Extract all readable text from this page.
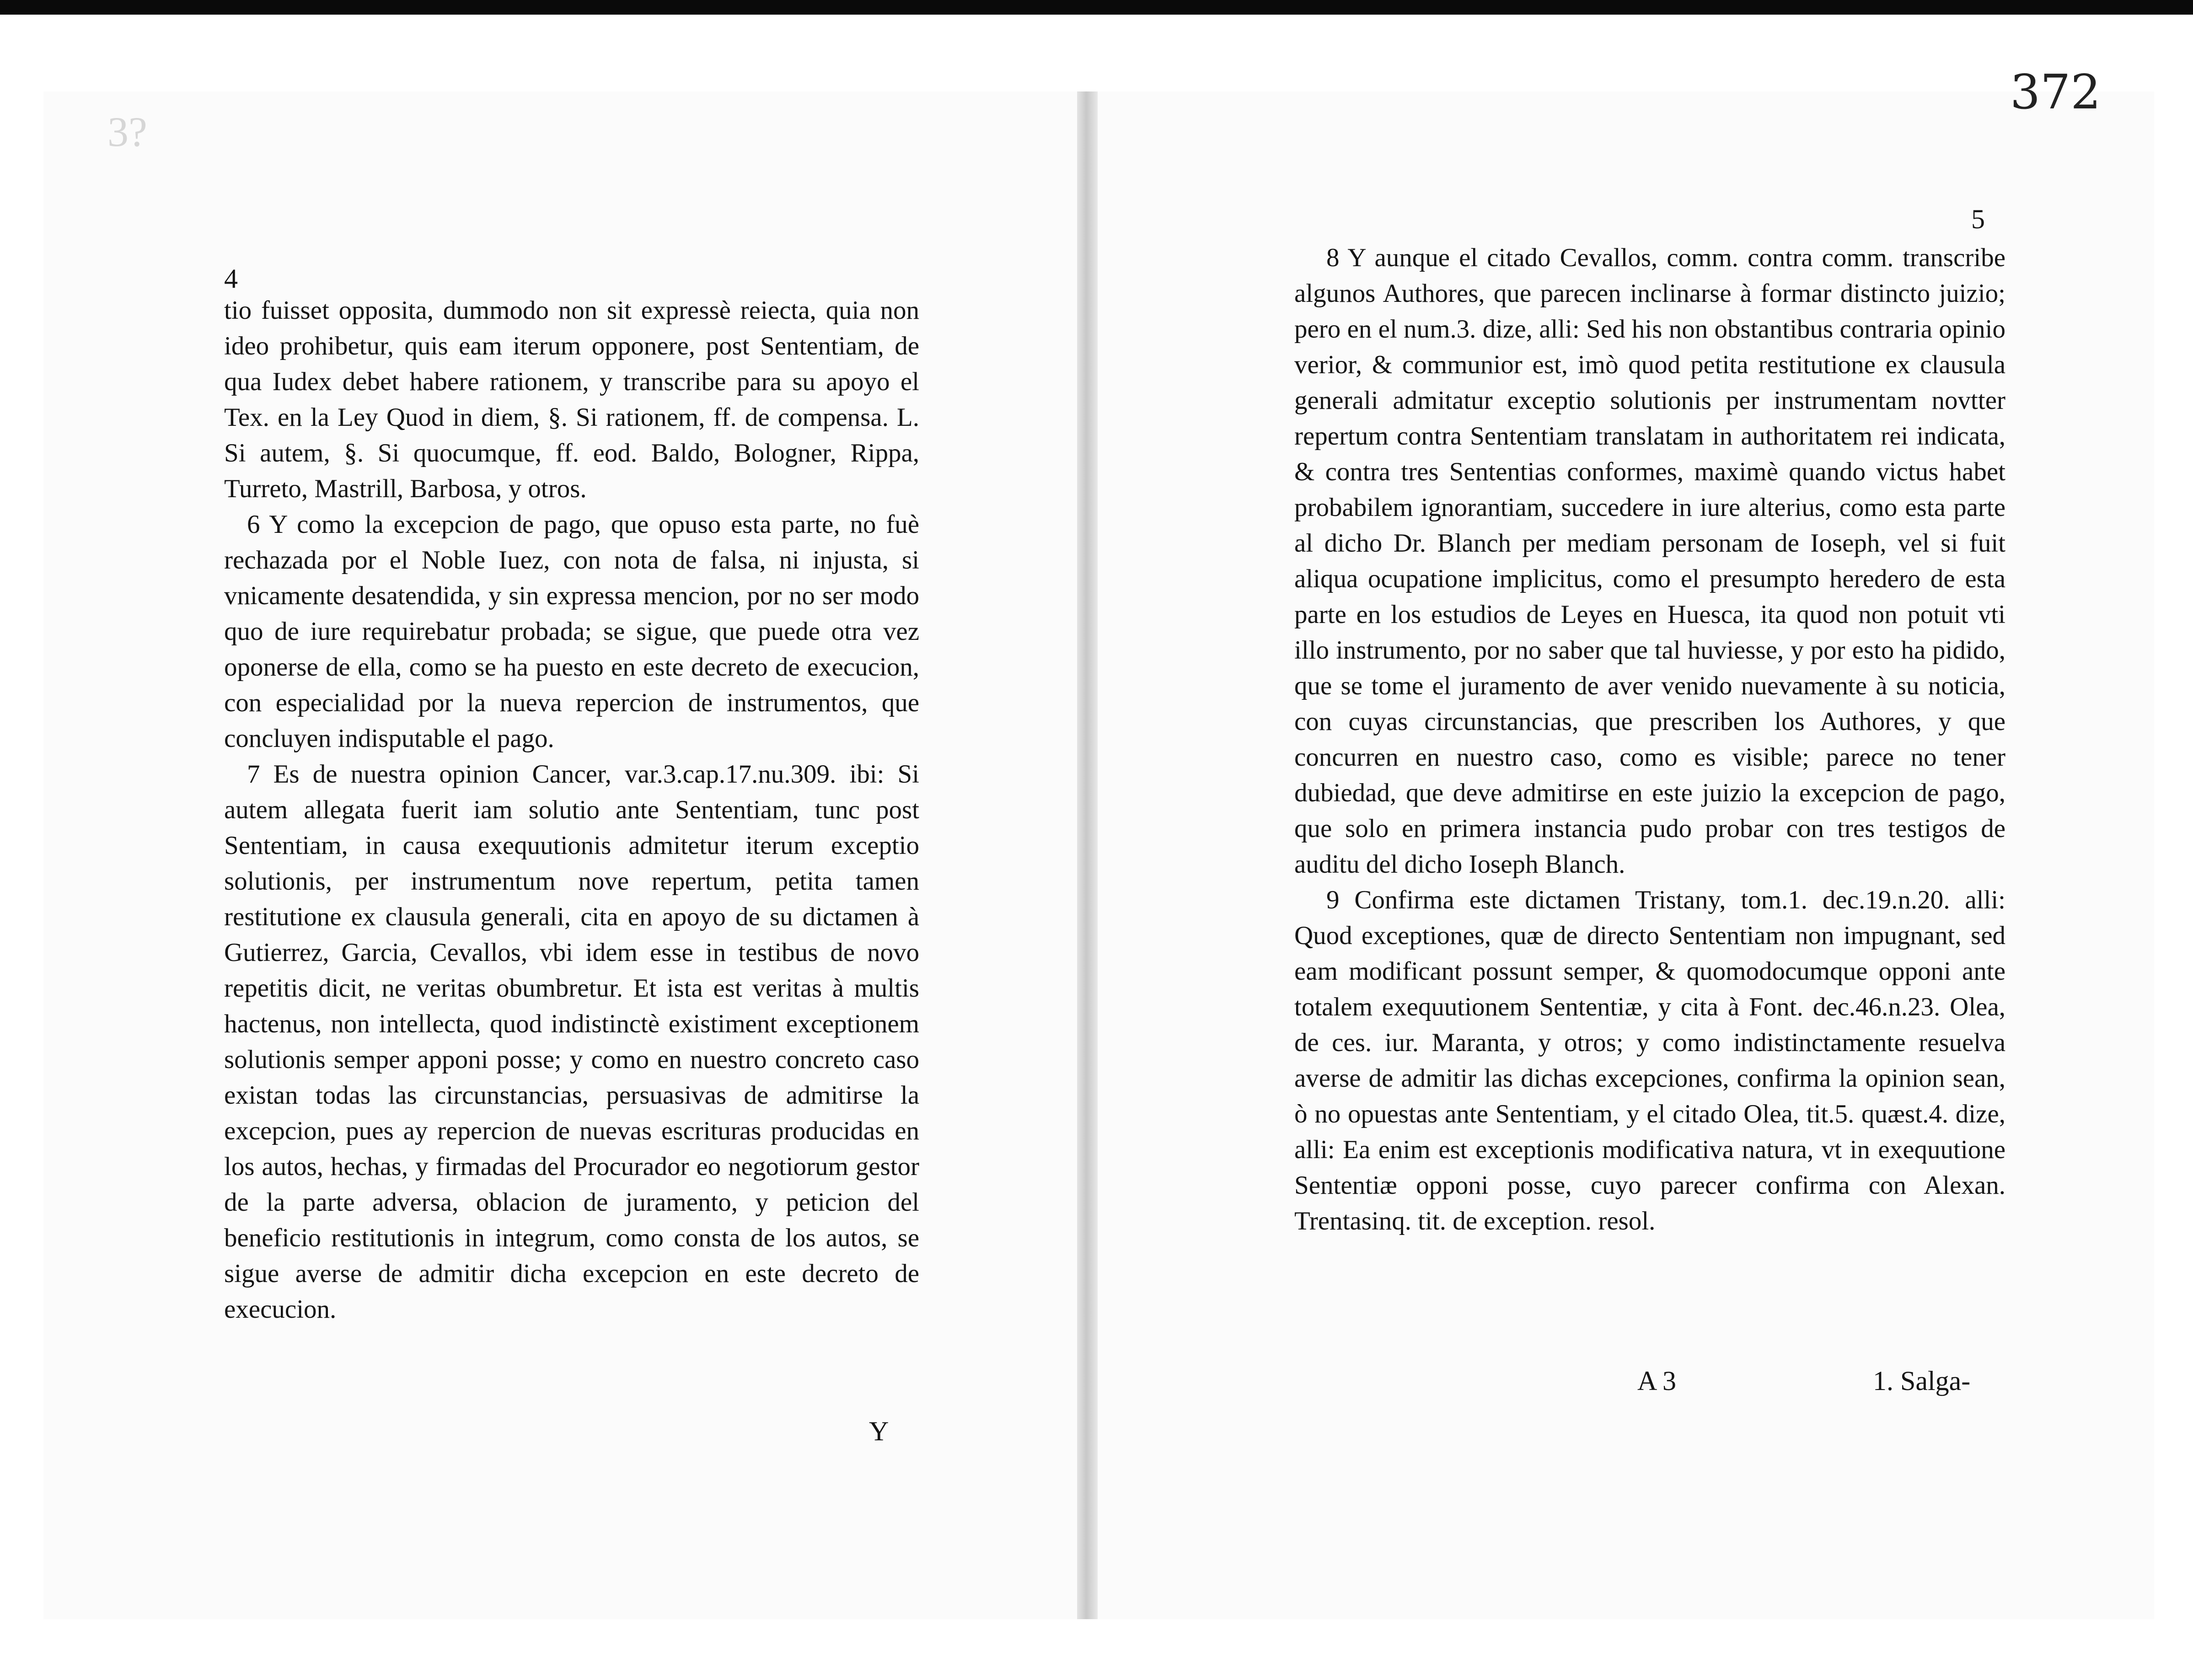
372
3?
4

tio fuisset opposita, dummodo non sit expressè reiecta, quia non ideo prohibetur, quis eam iterum opponere, post Sententiam, de qua Iudex debet habere rationem, y transcribe para su apoyo el Tex. en la Ley Quod in diem, §. Si rationem, ff. de compensa. L. Si autem, §. Si quocumque, ff. eod. Baldo, Bologner, Rippa, Turreto, Mastrill, Barbosa, y otros.

6 Y como la excepcion de pago, que opuso esta parte, no fuè rechazada por el Noble Iuez, con nota de falsa, ni injusta, si vnicamente desatendida, y sin expressa mencion, por no ser modo quo de iure requirebatur probada; se sigue, que puede otra vez oponerse de ella, como se ha puesto en este decreto de execucion, con especialidad por la nueva repercion de instrumentos, que concluyen indisputable el pago.

7 Es de nuestra opinion Cancer, var.3.cap.17.nu.309. ibi: Si autem allegata fuerit iam solutio ante Sententiam, tunc post Sententiam, in causa exequutionis admitetur iterum exceptio solutionis, per instrumentum nove repertum, petita tamen restitutione ex clausula generali, cita en apoyo de su dictamen à Gutierrez, Garcia, Cevallos, vbi idem esse in testibus de novo repetitis dicit, ne veritas obumbretur. Et ista est veritas à multis hactenus, non intellecta, quod indistinctè existiment exceptionem solutionis semper apponi posse; y como en nuestro concreto caso existan todas las circunstancias, persuasivas de admitirse la excepcion, pues ay repercion de nuevas escrituras producidas en los autos, hechas, y firmadas del Procurador eo negotiorum gestor de la parte adversa, oblacion de juramento, y peticion del beneficio restitutionis in integrum, como consta de los autos, se sigue averse de admitir dicha excepcion en este decreto de execucion.

Y
5

8 Y aunque el citado Cevallos, comm. contra comm. transcribe algunos Authores, que parecen inclinarse à formar distincto juizio; pero en el num.3. dize, alli: Sed his non obstantibus contraria opinio verior, & communior est, imò quod petita restitutione ex clausula generali admitatur exceptio solutionis per instrumentam novtter repertum contra Sententiam translatam in authoritatem rei indicata, & contra tres Sententias conformes, maximè quando victus habet probabilem ignorantiam, succedere in iure alterius, como esta parte al dicho Dr. Blanch per mediam personam de Ioseph, vel si fuit aliqua ocupatione implicitus, como el presumpto heredero de esta parte en los estudios de Leyes en Huesca, ita quod non potuit vti illo instrumento, por no saber que tal huviesse, y por esto ha pidido, que se tome el juramento de aver venido nuevamente à su noticia, con cuyas circunstancias, que prescriben los Authores, y que concurren en nuestro caso, como es visible; parece no tener dubiedad, que deve admitirse en este juizio la excepcion de pago, que solo en primera instancia pudo probar con tres testigos de auditu del dicho Ioseph Blanch.

9 Confirma este dictamen Tristany, tom.1. dec.19.n.20. alli: Quod exceptiones, quæ de directo Sententiam non impugnant, sed eam modificant possunt semper, & quomodocumque opponi ante totalem exequutionem Sententiæ, y cita à Font. dec.46.n.23. Olea, de ces. iur. Maranta, y otros; y como indistinctamente resuelva averse de admitir las dichas excepciones, confirma la opinion sean, ò no opuestas ante Sententiam, y el citado Olea, tit.5. quæst.4. dize, alli: Ea enim est exceptionis modificativa natura, vt in exequutione Sententiæ opponi posse, cuyo parecer confirma con Alexan. Trentasinq. tit. de exception. resol.

A 3	1. Salga-
